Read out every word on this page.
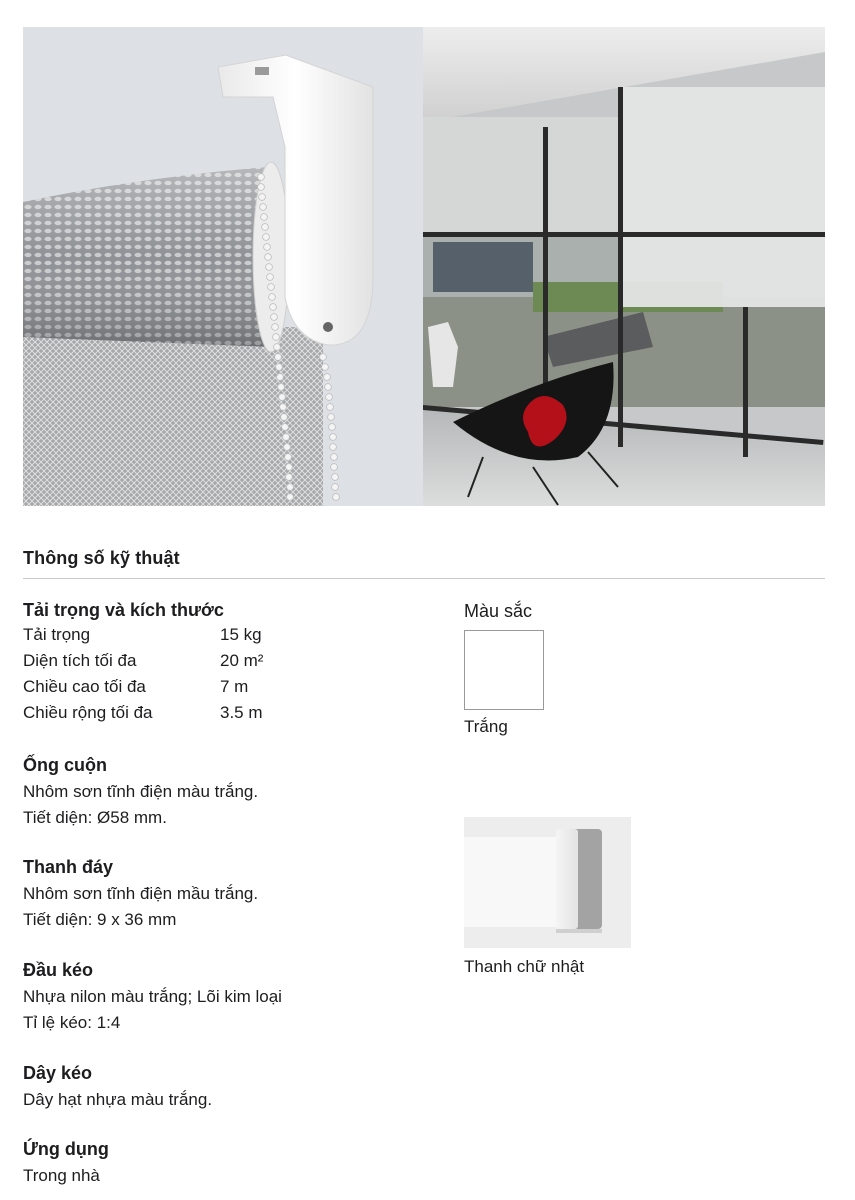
Thông số kỹ thuật
Tải trọng và kích thước
Tải trọng	15 kg
Diện tích tối đa	20 m²
Chiều cao tối đa	7 m
Chiều rộng tối đa	3.5 m
Ống cuộn
Nhôm sơn tĩnh điện màu trắng.
Tiết diện: Ø58 mm.
Thanh đáy
Nhôm sơn tĩnh điện mầu trắng.
Tiết diện: 9 x 36 mm
Đầu kéo
Nhựa nilon màu trắng; Lõi kim loại
Tỉ lệ kéo: 1:4
Dây kéo
Dây hạt nhựa màu trắng.
Ứng dụng
Trong nhà
Màu sắc
Trắng
Thanh chữ nhật
